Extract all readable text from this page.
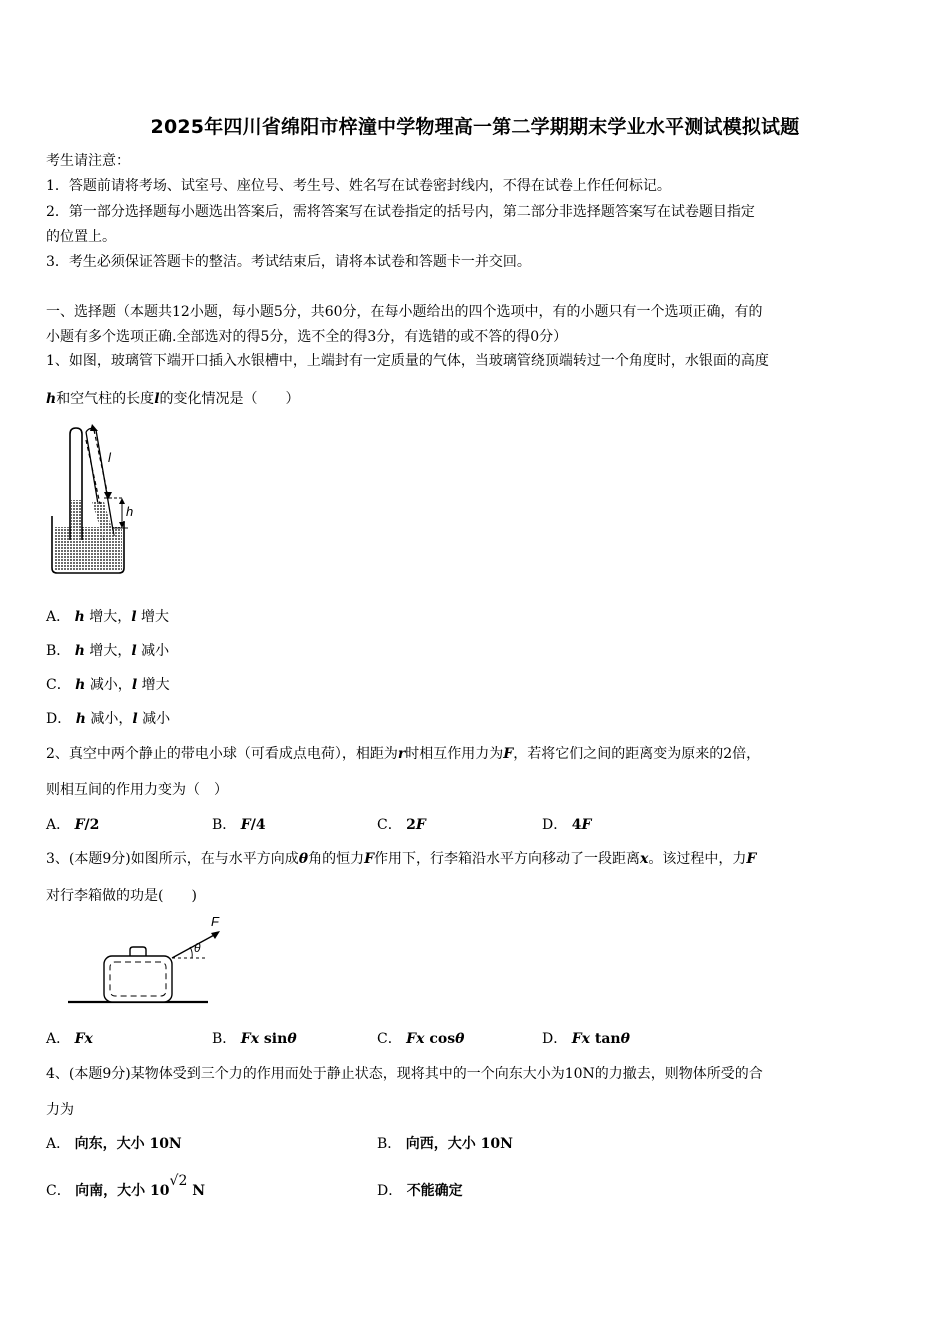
2025年四川省绵阳市梓潼中学物理高一第二学期期末学业水平测试模拟试题
考生请注意：
1．答题前请将考场、试室号、座位号、考生号、姓名写在试卷密封线内，不得在试卷上作任何标记。
2．第一部分选择题每小题选出答案后，需将答案写在试卷指定的括号内，第二部分非选择题答案写在试卷题目指定
的位置上。
3．考生必须保证答题卡的整洁。考试结束后，请将本试卷和答题卡一并交回。
一、选择题（本题共12小题，每小题5分，共60分，在每小题给出的四个选项中，有的小题只有一个选项正确，有的
小题有多个选项正确.全部选对的得5分，选不全的得3分，有选错的或不答的得0分）
1、如图，玻璃管下端开口插入水银槽中，上端封有一定质量的气体，当玻璃管绕顶端转过一个角度时，水银面的高度
h和空气柱的长度l的变化情况是（　　）
l
h
A． h 增大，l 增大
B． h 增大，l 减小
C． h 减小，l 增大
D． h 减小，l 减小
2、真空中两个静止的带电小球（可看成点电荷），相距为r时相互作用力为F，若将它们之间的距离变为原来的2倍，
则相互间的作用力变为（　）
A． F/2	B． F/4	C． 2F	D． 4F
3、(本题9分)如图所示，在与水平方向成θ角的恒力F作用下，行李箱沿水平方向移动了一段距离x。该过程中，力F
对行李箱做的功是(　　)
F
θ
A． Fx	B． Fx sinθ	C． Fx cosθ	D． Fx tanθ
4、(本题9分)某物体受到三个力的作用而处于静止状态，现将其中的一个向东大小为10N的力撤去，则物体所受的合
力为
A． 向东，大小 10N	B． 向西，大小 10N
C． 向南，大小 10√2 N	D． 不能确定
